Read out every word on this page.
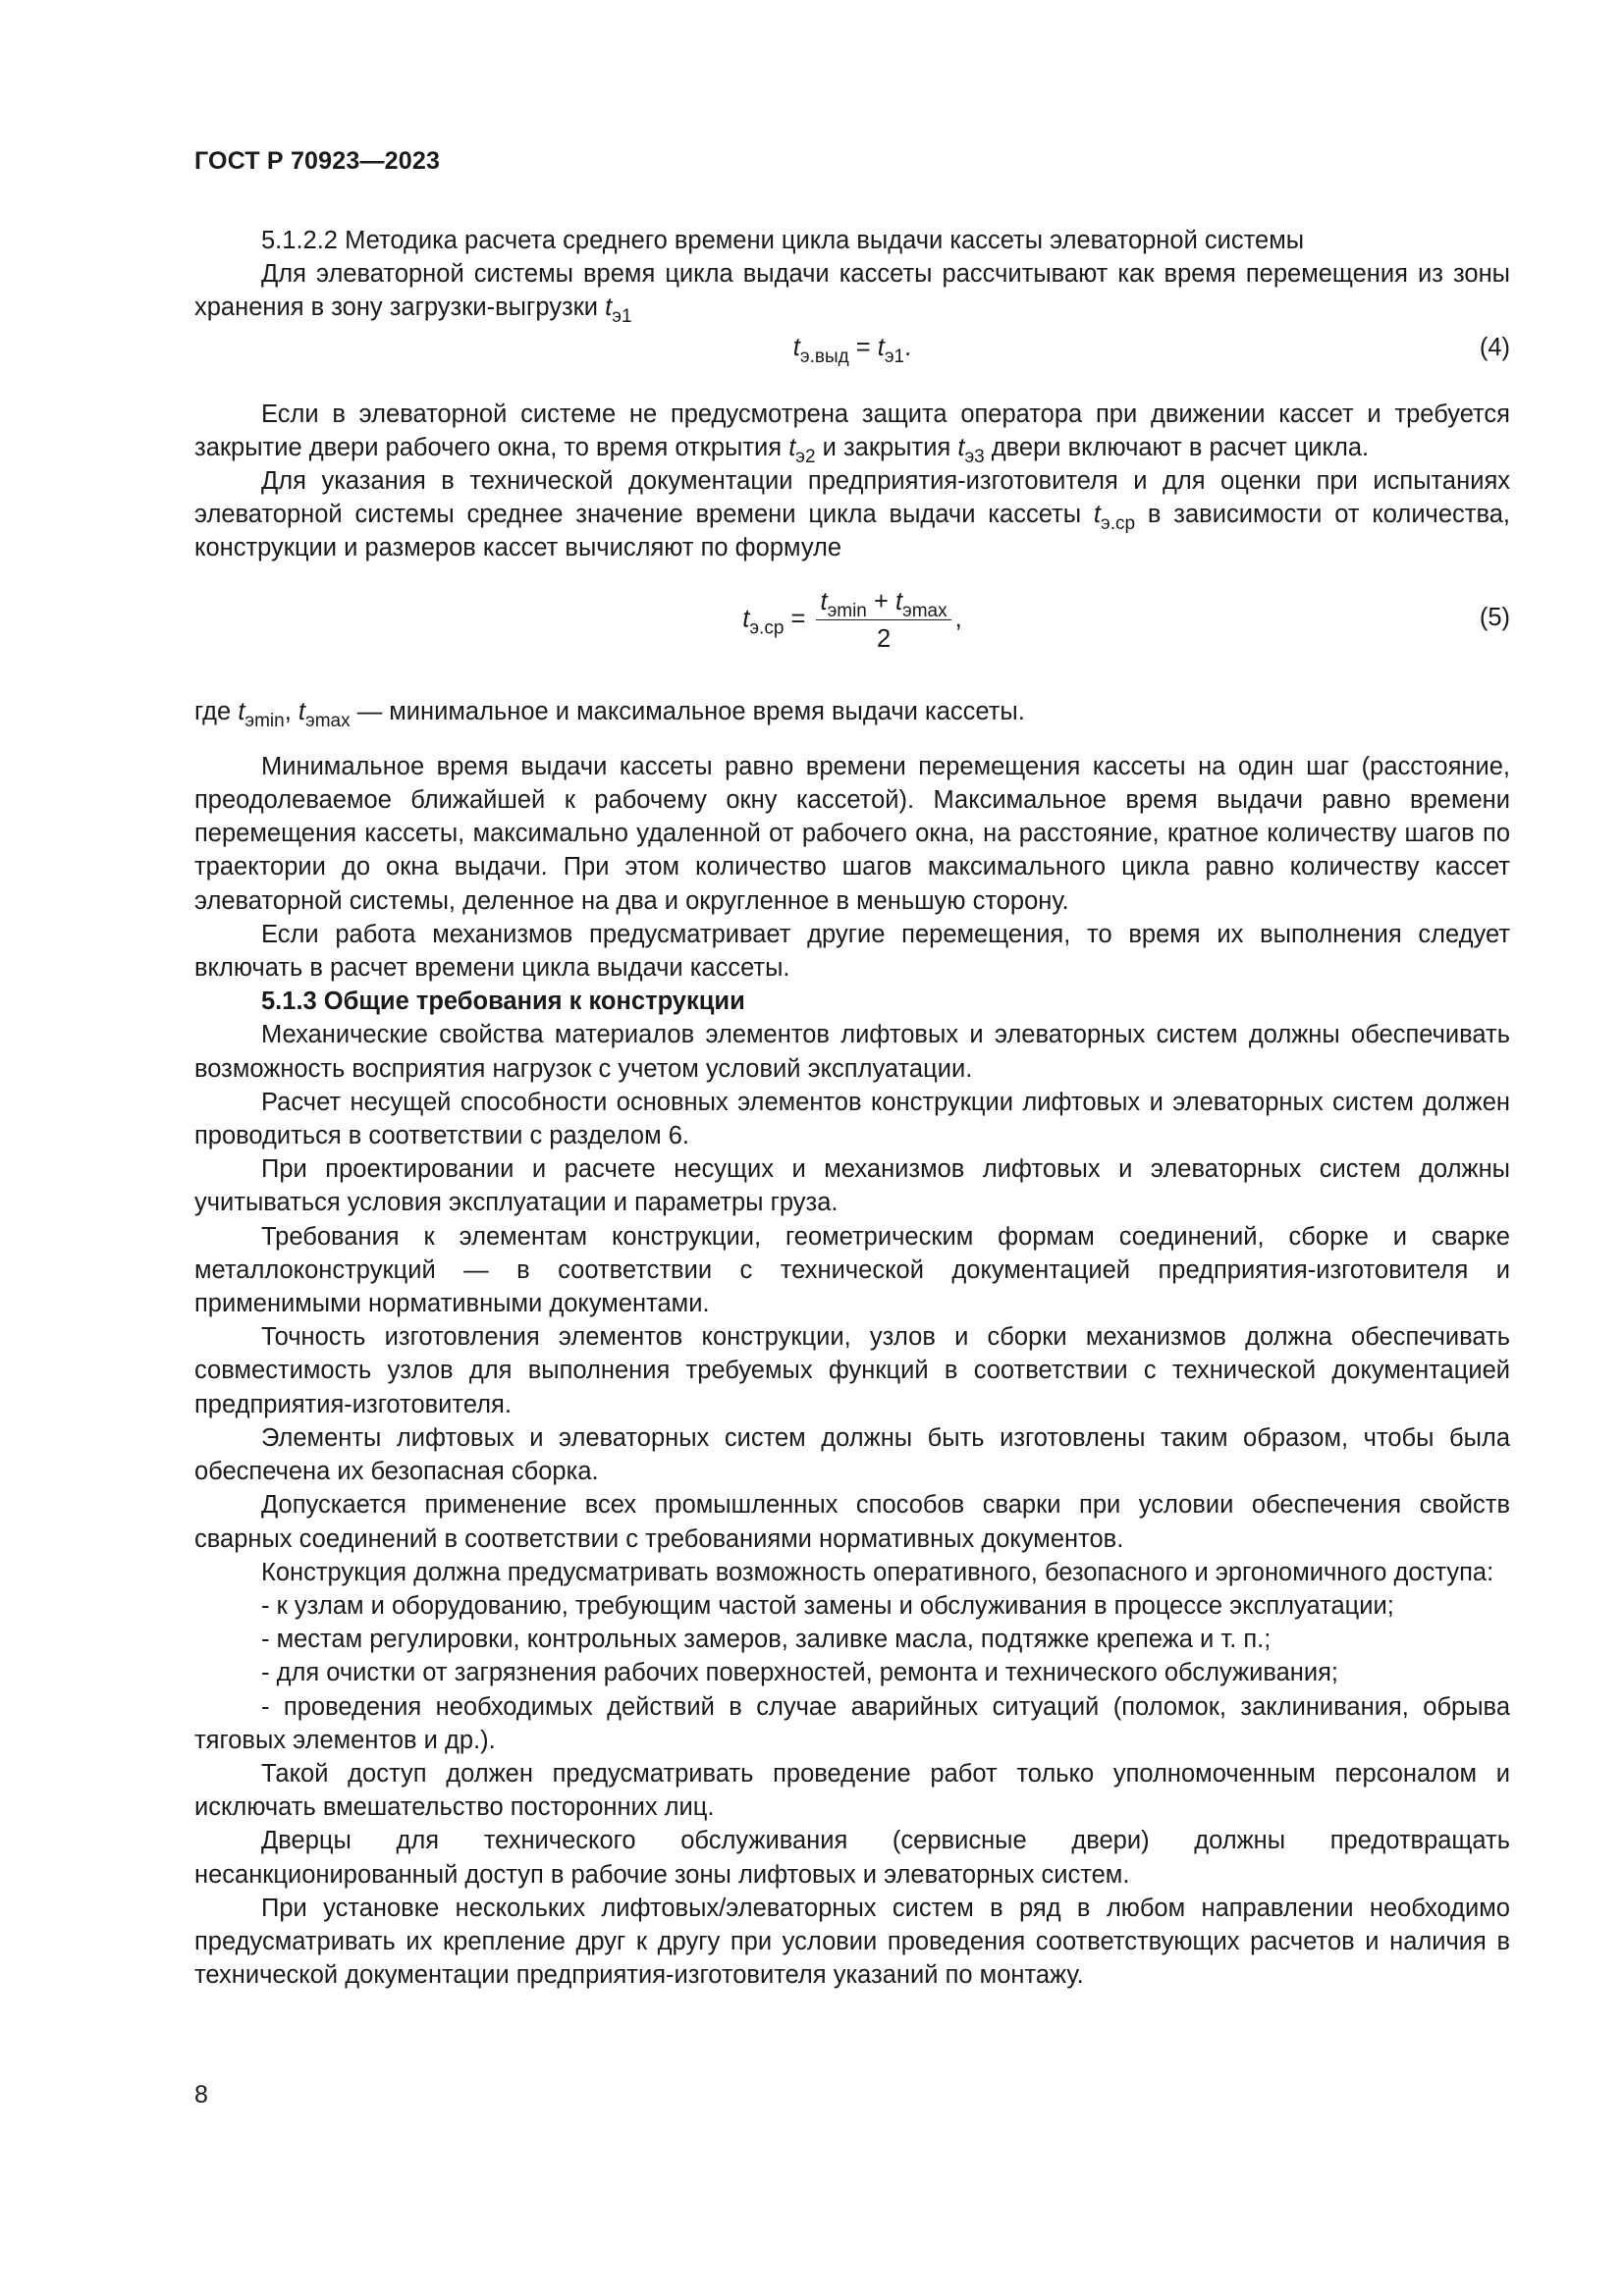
ГОСТ Р 70923—2023

5.1.2.2 Методика расчета среднего времени цикла выдачи кассеты элеваторной системы

Для элеваторной системы время цикла выдачи кассеты рассчитывают как время перемещения из зоны хранения в зону загрузки-выгрузки $t_{э1}$

$t_{э.выд} = t_{э1}$.	(4)

Если в элеваторной системе не предусмотрена защита оператора при движении кассет и требуется закрытие двери рабочего окна, то время открытия $t_{э2}$ и закрытия $t_{э3}$ двери включают в расчет цикла.

Для указания в технической документации предприятия-изготовителя и для оценки при испытаниях элеваторной системы среднее значение времени цикла выдачи кассеты $t_{э.ср}$ в зависимости от количества, конструкции и размеров кассет вычисляют по формуле

$t_{э.ср} = \frac{t_{эmin} + t_{эmax}}{2}$ ,	(5)

где $t_{эmin}$, $t_{эmax}$ — минимальное и максимальное время выдачи кассеты.

Минимальное время выдачи кассеты равно времени перемещения кассеты на один шаг (расстояние, преодолеваемое ближайшей к рабочему окну кассетой). Максимальное время выдачи равно времени перемещения кассеты, максимально удаленной от рабочего окна, на расстояние, кратное количеству шагов по траектории до окна выдачи. При этом количество шагов максимального цикла равно количеству кассет элеваторной системы, деленное на два и округленное в меньшую сторону.

Если работа механизмов предусматривает другие перемещения, то время их выполнения следует включать в расчет времени цикла выдачи кассеты.

5.1.3 Общие требования к конструкции

Механические свойства материалов элементов лифтовых и элеваторных систем должны обеспечивать возможность восприятия нагрузок с учетом условий эксплуатации.

Расчет несущей способности основных элементов конструкции лифтовых и элеваторных систем должен проводиться в соответствии с разделом 6.

При проектировании и расчете несущих и механизмов лифтовых и элеваторных систем должны учитываться условия эксплуатации и параметры груза.

Требования к элементам конструкции, геометрическим формам соединений, сборке и сварке металлоконструкций — в соответствии с технической документацией предприятия-изготовителя и применимыми нормативными документами.

Точность изготовления элементов конструкции, узлов и сборки механизмов должна обеспечивать совместимость узлов для выполнения требуемых функций в соответствии с технической документацией предприятия-изготовителя.

Элементы лифтовых и элеваторных систем должны быть изготовлены таким образом, чтобы была обеспечена их безопасная сборка.

Допускается применение всех промышленных способов сварки при условии обеспечения свойств сварных соединений в соответствии с требованиями нормативных документов.

Конструкция должна предусматривать возможность оперативного, безопасного и эргономичного доступа:

- к узлам и оборудованию, требующим частой замены и обслуживания в процессе эксплуатации;

- местам регулировки, контрольных замеров, заливке масла, подтяжке крепежа и т. п.;

- для очистки от загрязнения рабочих поверхностей, ремонта и технического обслуживания;

- проведения необходимых действий в случае аварийных ситуаций (поломок, заклинивания, обрыва тяговых элементов и др.).

Такой доступ должен предусматривать проведение работ только уполномоченным персоналом и исключать вмешательство посторонних лиц.

Дверцы для технического обслуживания (сервисные двери) должны предотвращать несанкционированный доступ в рабочие зоны лифтовых и элеваторных систем.

При установке нескольких лифтовых/элеваторных систем в ряд в любом направлении необходимо предусматривать их крепление друг к другу при условии проведения соответствующих расчетов и наличия в технической документации предприятия-изготовителя указаний по монтажу.

8
